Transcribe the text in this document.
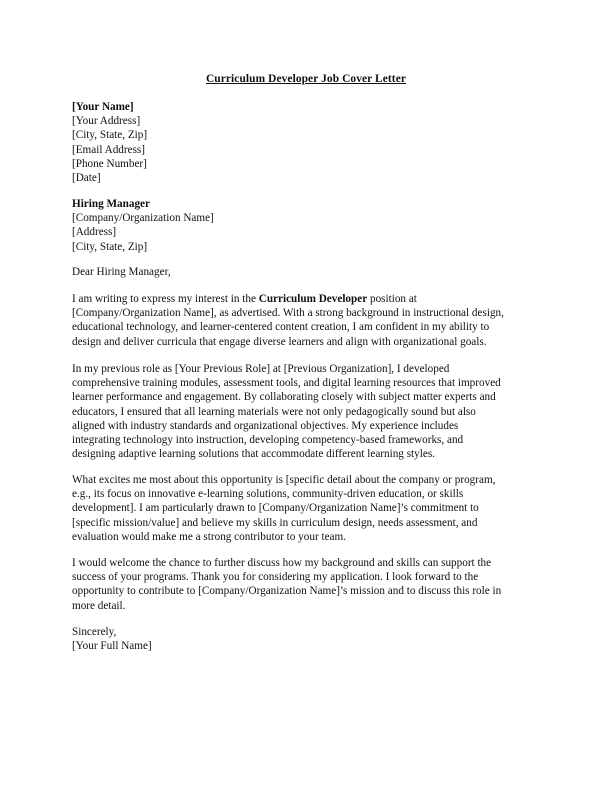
Curriculum Developer Job Cover Letter
[Your Name]
[Your Address]
[City, State, Zip]
[Email Address]
[Phone Number]
[Date]
Hiring Manager
[Company/Organization Name]
[Address]
[City, State, Zip]
Dear Hiring Manager,
I am writing to express my interest in the Curriculum Developer position at
[Company/Organization Name], as advertised. With a strong background in instructional design,
educational technology, and learner-centered content creation, I am confident in my ability to
design and deliver curricula that engage diverse learners and align with organizational goals.
In my previous role as [Your Previous Role] at [Previous Organization], I developed
comprehensive training modules, assessment tools, and digital learning resources that improved
learner performance and engagement. By collaborating closely with subject matter experts and
educators, I ensured that all learning materials were not only pedagogically sound but also
aligned with industry standards and organizational objectives. My experience includes
integrating technology into instruction, developing competency-based frameworks, and
designing adaptive learning solutions that accommodate different learning styles.
What excites me most about this opportunity is [specific detail about the company or program,
e.g., its focus on innovative e-learning solutions, community-driven education, or skills
development]. I am particularly drawn to [Company/Organization Name]’s commitment to
[specific mission/value] and believe my skills in curriculum design, needs assessment, and
evaluation would make me a strong contributor to your team.
I would welcome the chance to further discuss how my background and skills can support the
success of your programs. Thank you for considering my application. I look forward to the
opportunity to contribute to [Company/Organization Name]’s mission and to discuss this role in
more detail.
Sincerely,
[Your Full Name]
